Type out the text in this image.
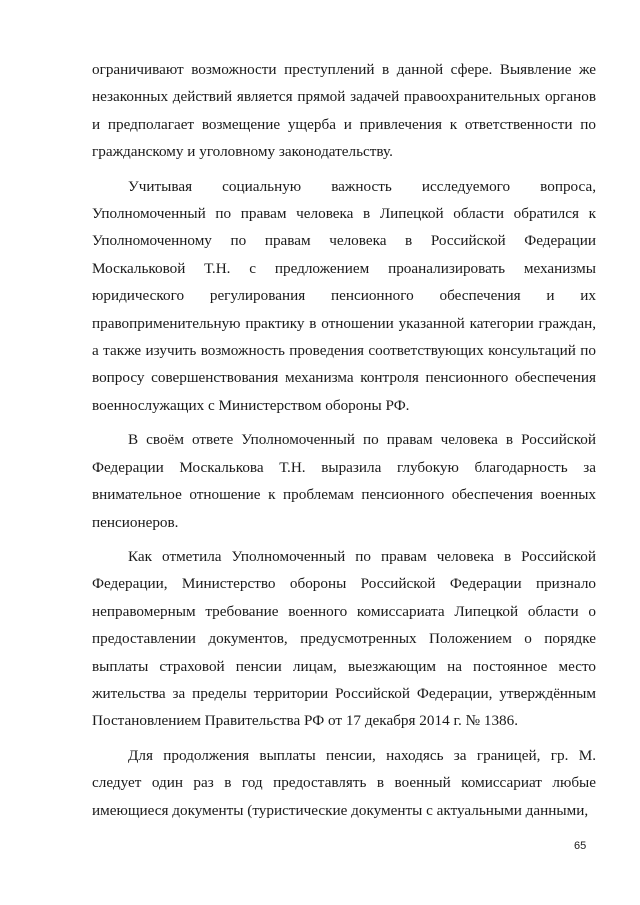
ограничивают возможности преступлений в данной сфере. Выявление же незаконных действий является прямой задачей правоохранительных органов и предполагает возмещение ущерба и привлечения к ответственности по гражданскому и уголовному законодательству.

Учитывая социальную важность исследуемого вопроса, Уполномоченный по правам человека в Липецкой области обратился к Уполномоченному по правам человека в Российской Федерации Москальковой Т.Н. с предложением проанализировать механизмы юридического регулирования пенсионного обеспечения и их правоприменительную практику в отношении указанной категории граждан, а также изучить возможность проведения соответствующих консультаций по вопросу совершенствования механизма контроля пенсионного обеспечения военнослужащих с Министерством обороны РФ.

В своём ответе Уполномоченный по правам человека в Российской Федерации Москалькова Т.Н. выразила глубокую благодарность за внимательное отношение к проблемам пенсионного обеспечения военных пенсионеров.

Как отметила Уполномоченный по правам человека в Российской Федерации, Министерство обороны Российской Федерации признало неправомерным требование военного комиссариата Липецкой области о предоставлении документов, предусмотренных Положением о порядке выплаты страховой пенсии лицам, выезжающим на постоянное место жительства за пределы территории Российской Федерации, утверждённым Постановлением Правительства РФ от 17 декабря 2014 г. № 1386.

Для продолжения выплаты пенсии, находясь за границей, гр. М. следует один раз в год предоставлять в военный комиссариат любые имеющиеся документы (туристические документы с актуальными данными,

65
